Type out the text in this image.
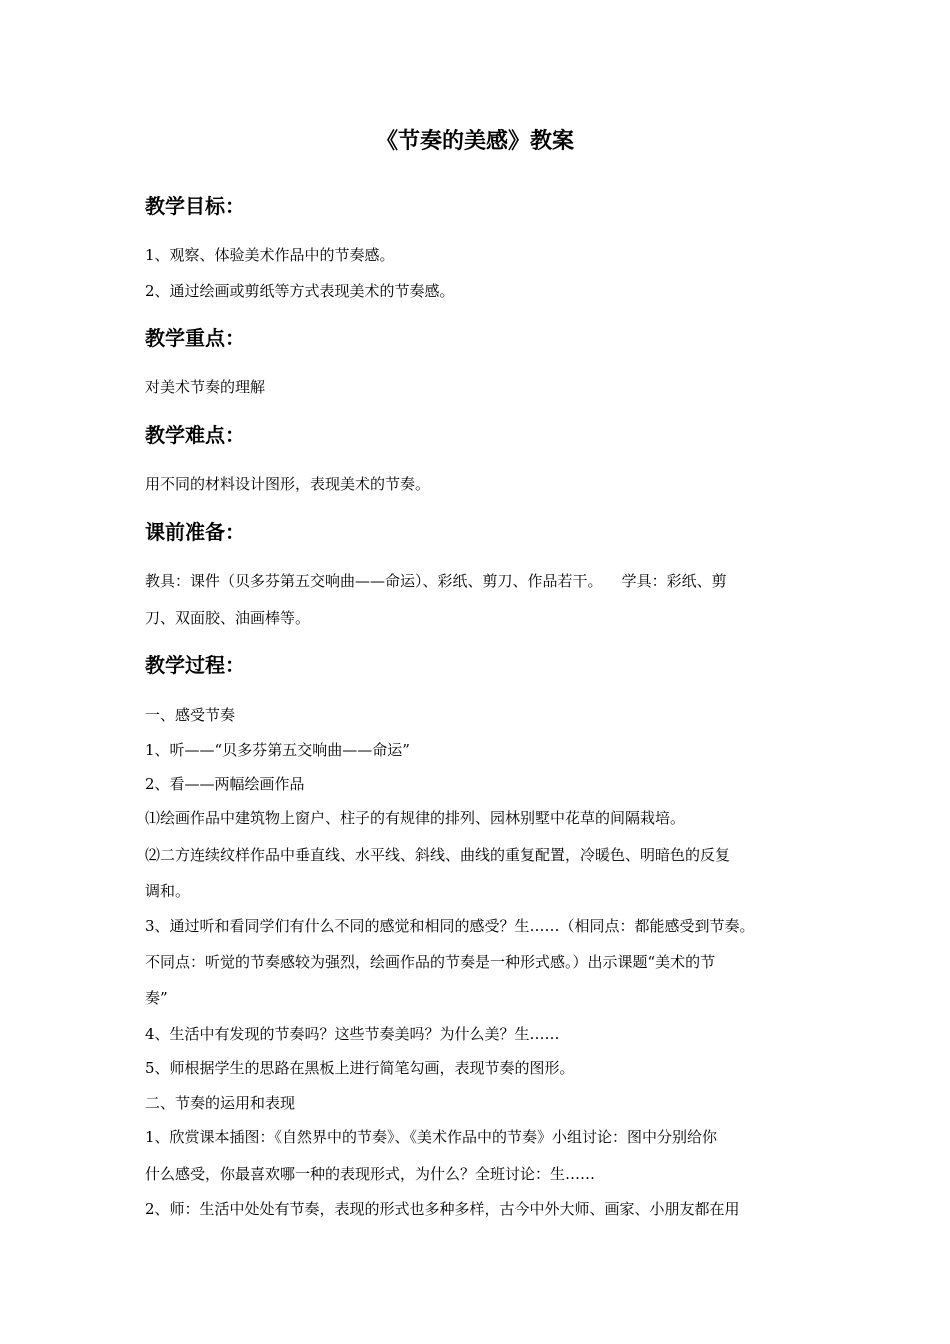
《节奏的美感》教案
教学目标：

1、观察、体验美术作品中的节奏感。

2、通过绘画或剪纸等方式表现美术的节奏感。

教学重点：

对美术节奏的理解

教学难点：

用不同的材料设计图形，表现美术的节奏。

课前准备：

教具：课件（贝多芬第五交响曲——命运）、彩纸、剪刀、作品若干。    学具：彩纸、剪

刀、双面胶、油画棒等。

教学过程：

一、感受节奏

1、听——“贝多芬第五交响曲——命运”

2、看——两幅绘画作品

⑴绘画作品中建筑物上窗户、柱子的有规律的排列、园林别墅中花草的间隔栽培。

⑵二方连续纹样作品中垂直线、水平线、斜线、曲线的重复配置，冷暖色、明暗色的反复

调和。

3、通过听和看同学们有什么不同的感觉和相同的感受？生……（相同点：都能感受到节奏。

不同点：听觉的节奏感较为强烈，绘画作品的节奏是一种形式感。）出示课题“美术的节

奏”

4、生活中有发现的节奏吗？这些节奏美吗？为什么美？生……

5、师根据学生的思路在黑板上进行简笔勾画，表现节奏的图形。

二、节奏的运用和表现

1、欣赏课本插图：《自然界中的节奏》、《美术作品中的节奏》小组讨论：图中分别给你

什么感受，你最喜欢哪一种的表现形式，为什么？全班讨论：生……

2、师：生活中处处有节奏，表现的形式也多种多样，古今中外大师、画家、小朋友都在用
